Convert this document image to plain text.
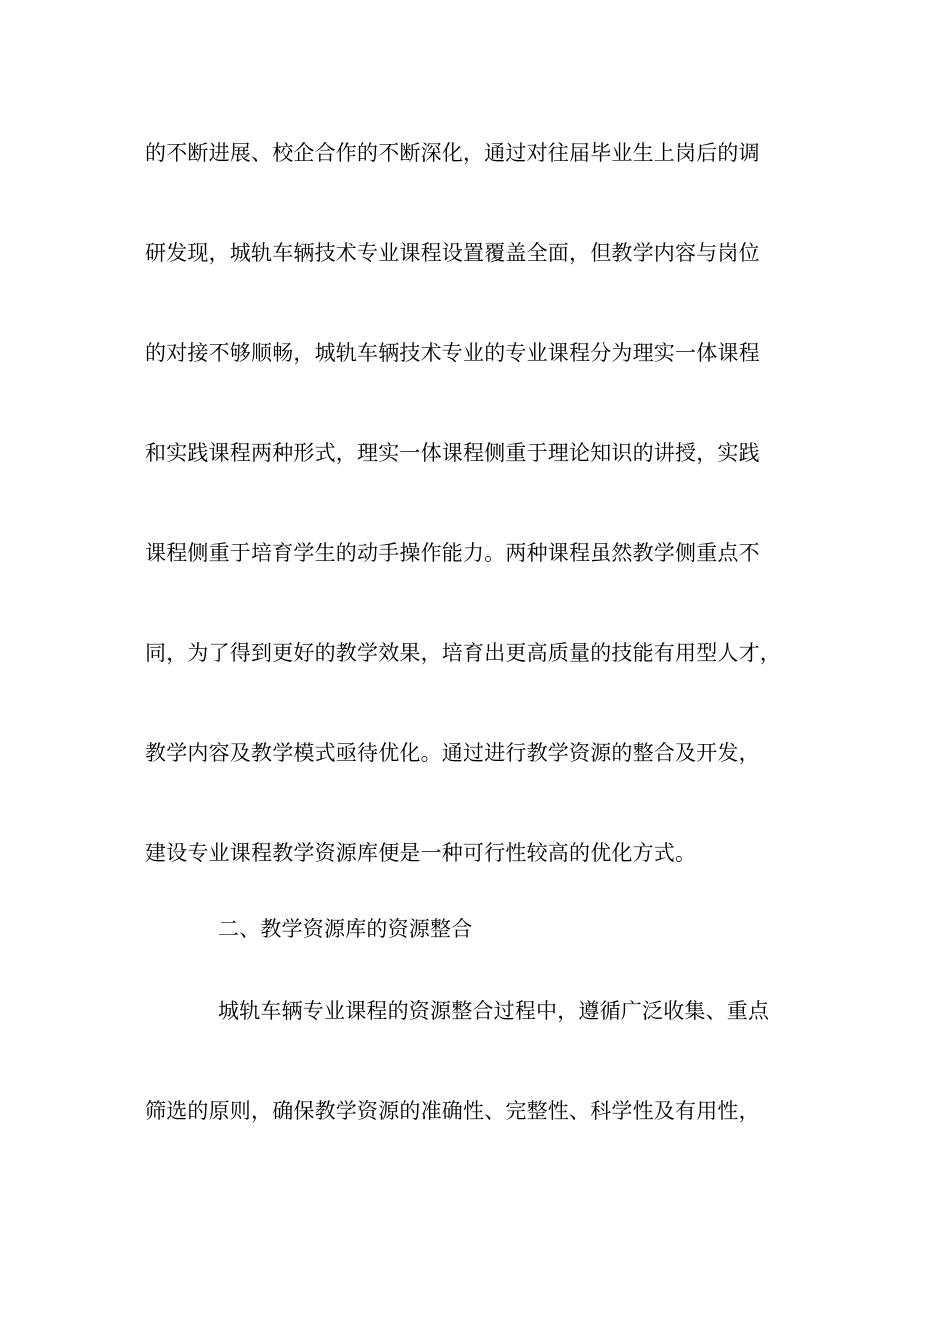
的不断进展、校企合作的不断深化，通过对往届毕业生上岗后的调
研发现，城轨车辆技术专业课程设置覆盖全面，但教学内容与岗位
的对接不够顺畅，城轨车辆技术专业的专业课程分为理实一体课程
和实践课程两种形式，理实一体课程侧重于理论知识的讲授，实践
课程侧重于培育学生的动手操作能力。两种课程虽然教学侧重点不
同，为了得到更好的教学效果，培育出更高质量的技能有用型人才，
教学内容及教学模式亟待优化。通过进行教学资源的整合及开发，
建设专业课程教学资源库便是一种可行性较高的优化方式。
二、教学资源库的资源整合
城轨车辆专业课程的资源整合过程中，遵循广泛收集、重点
筛选的原则，确保教学资源的准确性、完整性、科学性及有用性，
